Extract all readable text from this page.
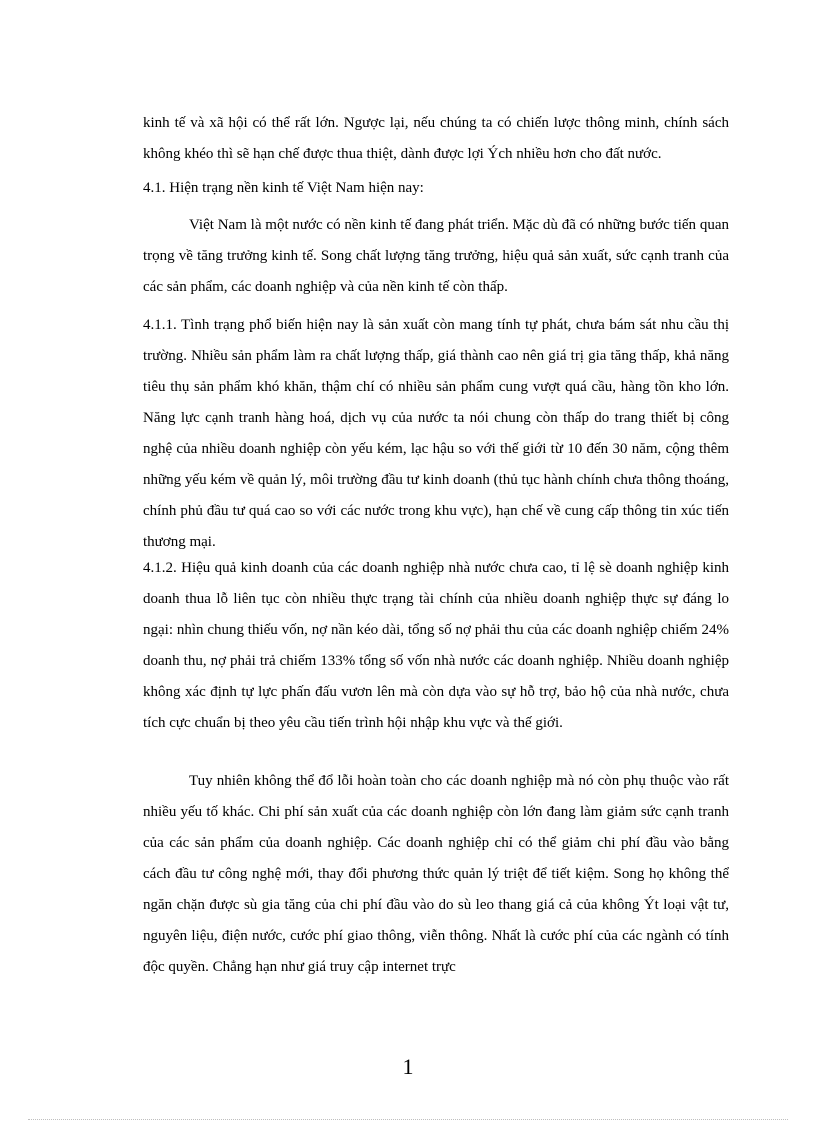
kinh tế và xã hội có thể rất lớn. Ngược lại, nếu chúng ta có chiến lược thông minh, chính sách không khéo thì sẽ hạn chế được thua thiệt, dành được lợi Ých nhiều hơn cho đất nước.

4.1. Hiện trạng nền kinh tế Việt Nam hiện nay:

Việt Nam là một nước có nền kinh tế đang phát triển. Mặc dù đã có những bước tiến quan trọng về tăng trưởng kinh tế. Song chất lượng tăng trưởng, hiệu quả sản xuất, sức cạnh tranh của các sản phẩm, các doanh nghiệp và của nền kinh tế còn thấp.

4.1.1. Tình trạng phổ biến hiện nay là sản xuất còn mang tính tự phát, chưa bám sát nhu cầu thị trường. Nhiều sản phẩm làm ra chất lượng thấp, giá thành cao nên giá trị gia tăng thấp, khả năng tiêu thụ sản phẩm khó khăn, thậm chí có nhiều sản phẩm cung vượt quá cầu, hàng tồn kho lớn. Năng lực cạnh tranh hàng hoá, dịch vụ của nước ta nói chung còn thấp do trang thiết bị công nghệ của nhiều doanh nghiệp còn yếu kém, lạc hậu so với thế giới từ 10 đến 30 năm, cộng thêm những yếu kém về quản lý, môi trường đầu tư kinh doanh (thủ tục hành chính chưa thông thoáng, chính phủ đầu tư quá cao so với các nước trong khu vực), hạn chế về cung cấp thông tin xúc tiến thương mại.

4.1.2. Hiệu quả kinh doanh của các doanh nghiệp nhà nước chưa cao, tỉ lệ sè doanh nghiệp kinh doanh thua lỗ liên tục còn nhiều thực trạng tài chính của nhiều doanh nghiệp thực sự đáng lo ngại: nhìn chung thiếu vốn, nợ nần kéo dài, tổng số nợ phải thu của các doanh nghiệp chiếm 24% doanh thu, nợ phải trả chiếm 133% tổng số vốn nhà nước các doanh nghiệp. Nhiều doanh nghiệp không xác định tự lực phấn đấu vươn lên mà còn dựa vào sự hỗ trợ, bảo hộ của nhà nước, chưa tích cực chuẩn bị theo yêu cầu tiến trình hội nhập khu vực và thế giới.

Tuy nhiên không thể đổ lỗi hoàn toàn cho các doanh nghiệp mà nó còn phụ thuộc vào rất nhiều yếu tố khác. Chi phí sản xuất của các doanh nghiệp còn lớn đang làm giảm sức cạnh tranh của các sản phẩm của doanh nghiệp. Các doanh nghiệp chỉ có thể giảm chi phí đầu vào bằng cách đầu tư công nghệ mới, thay đổi phương thức quản lý triệt để tiết kiệm. Song họ không thể ngăn chặn được sù gia tăng của chi phí đầu vào do sù leo thang giá cả của không Ýt loại vật tư, nguyên liệu, điện nước, cước phí giao thông, viễn thông. Nhất là cước phí của các ngành có tính độc quyền. Chẳng hạn như giá truy cập internet trực

1
